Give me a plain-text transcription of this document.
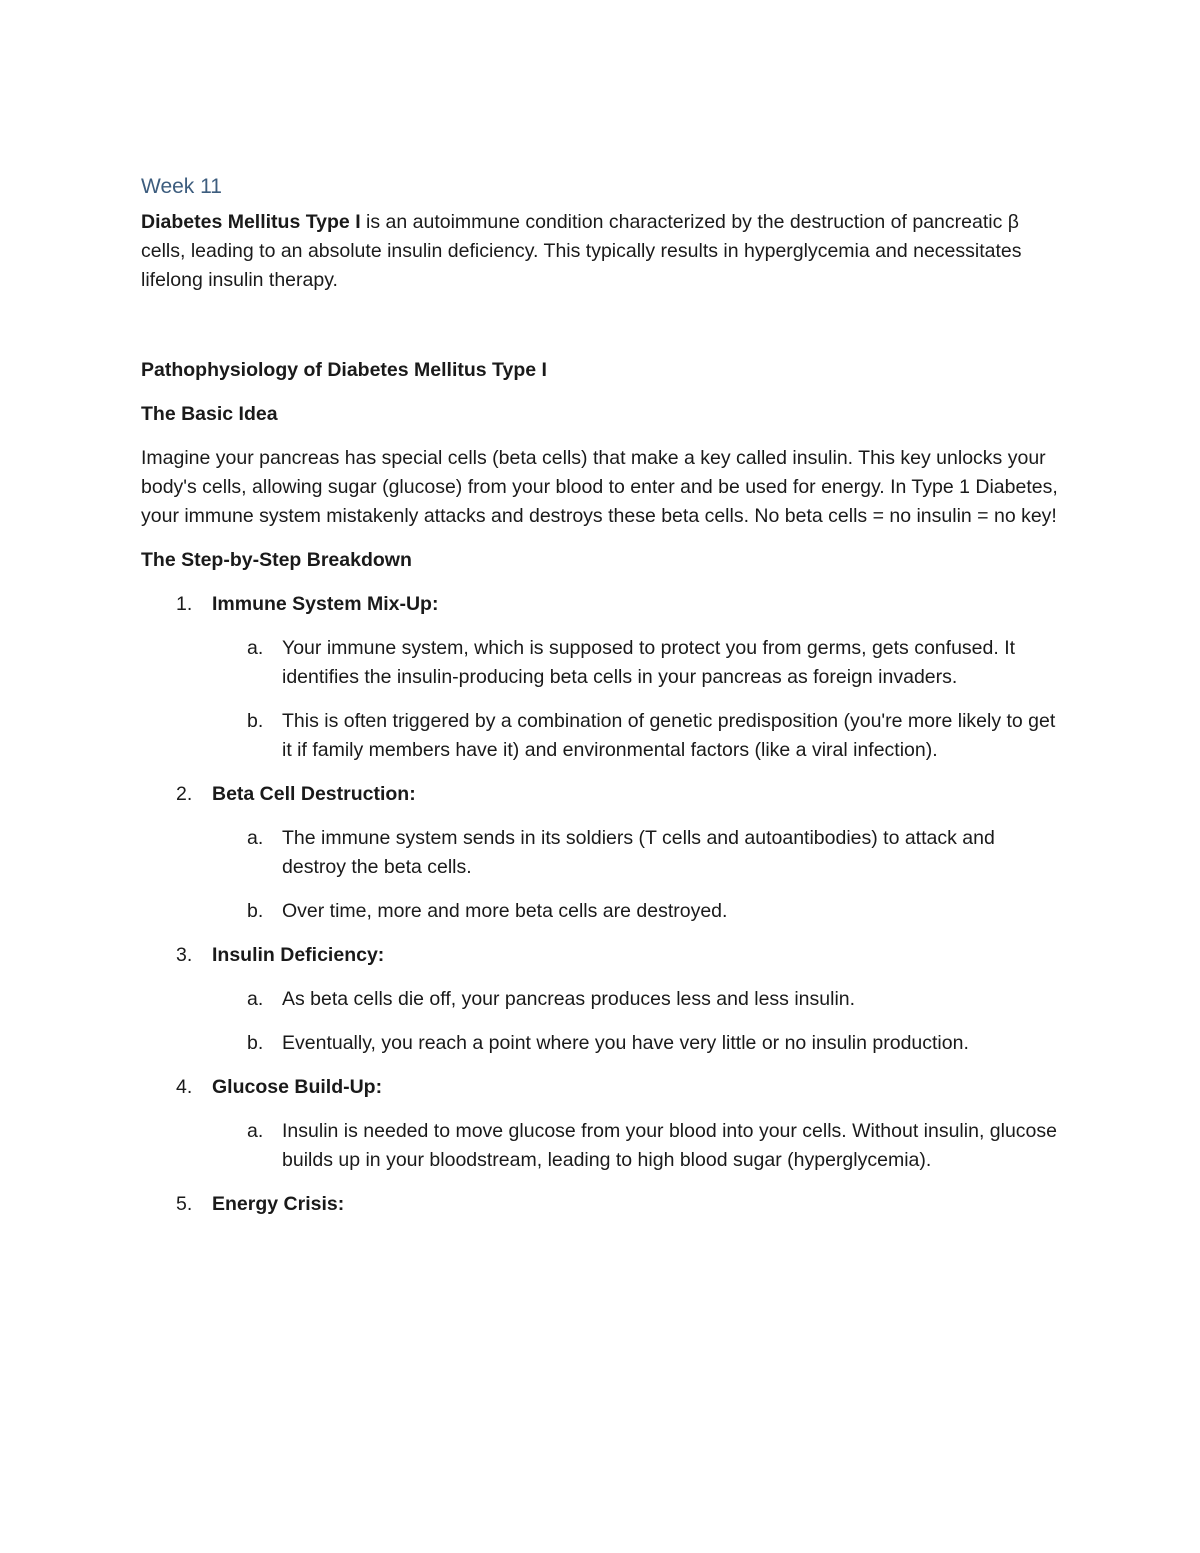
Week 11

Diabetes Mellitus Type I is an autoimmune condition characterized by the destruction of pancreatic β cells, leading to an absolute insulin deficiency. This typically results in hyperglycemia and necessitates lifelong insulin therapy.

Pathophysiology of Diabetes Mellitus Type I
The Basic Idea

Imagine your pancreas has special cells (beta cells) that make a key called insulin. This key unlocks your body's cells, allowing sugar (glucose) from your blood to enter and be used for energy. In Type 1 Diabetes, your immune system mistakenly attacks and destroys these beta cells. No beta cells = no insulin = no key!

The Step-by-Step Breakdown
1. Immune System Mix-Up:
a. Your immune system, which is supposed to protect you from germs, gets confused. It identifies the insulin-producing beta cells in your pancreas as foreign invaders.
b. This is often triggered by a combination of genetic predisposition (you're more likely to get it if family members have it) and environmental factors (like a viral infection).
2. Beta Cell Destruction:
a. The immune system sends in its soldiers (T cells and autoantibodies) to attack and destroy the beta cells.
b. Over time, more and more beta cells are destroyed.
3. Insulin Deficiency:
a. As beta cells die off, your pancreas produces less and less insulin.
b. Eventually, you reach a point where you have very little or no insulin production.
4. Glucose Build-Up:
a. Insulin is needed to move glucose from your blood into your cells. Without insulin, glucose builds up in your bloodstream, leading to high blood sugar (hyperglycemia).
5. Energy Crisis:
